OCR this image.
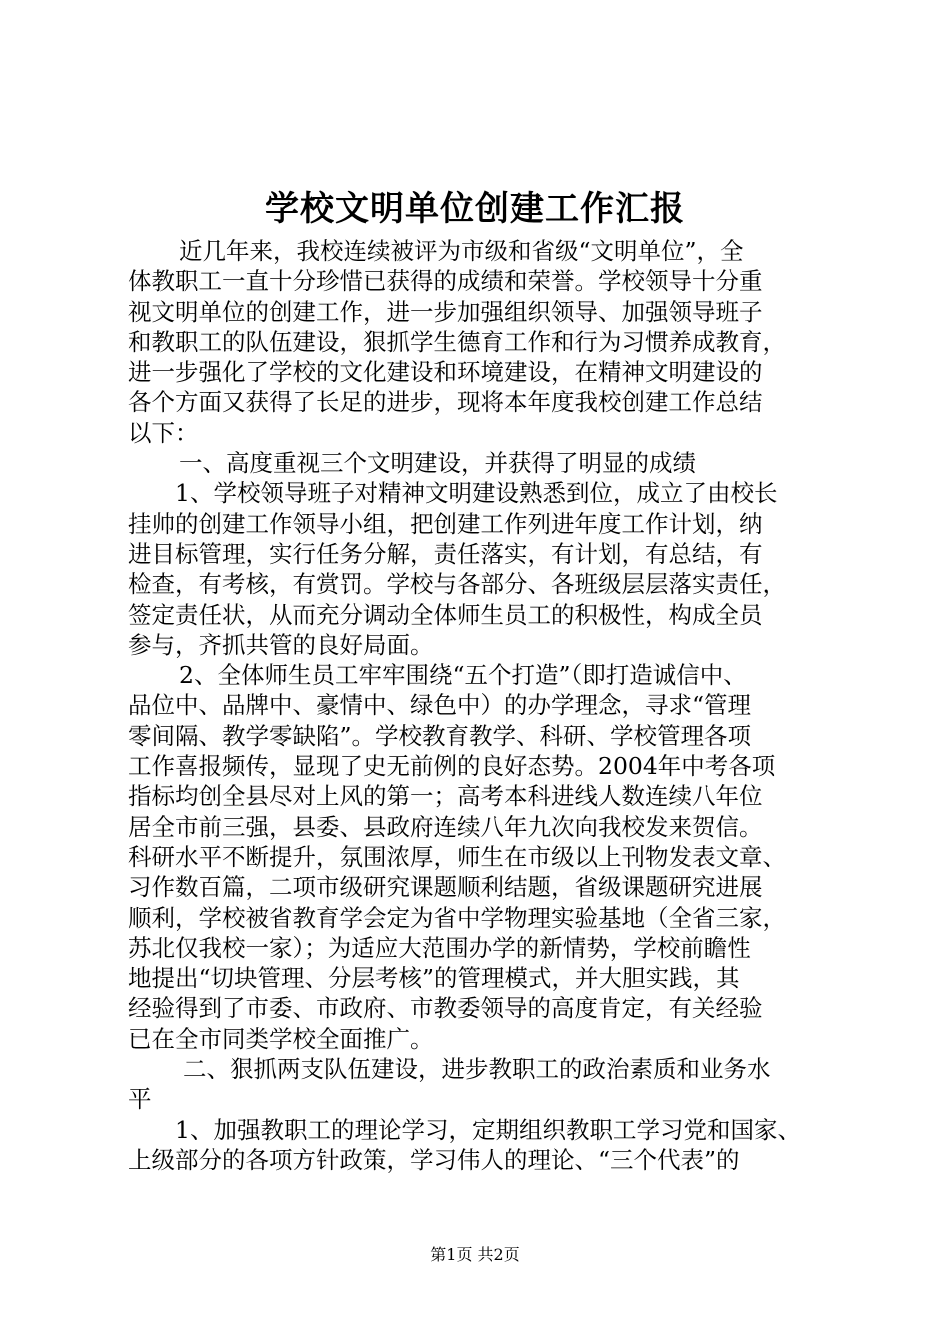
学校文明单位创建工作汇报
近几年来，我校连续被评为市级和省级“文明单位”，全
体教职工一直十分珍惜已获得的成绩和荣誉。学校领导十分重
视文明单位的创建工作，进一步加强组织领导、加强领导班子
和教职工的队伍建设，狠抓学生德育工作和行为习惯养成教育，
进一步强化了学校的文化建设和环境建设，在精神文明建设的
各个方面又获得了长足的进步，现将本年度我校创建工作总结
以下：
一、高度重视三个文明建设，并获得了明显的成绩
1、学校领导班子对精神文明建设熟悉到位，成立了由校长
挂帅的创建工作领导小组，把创建工作列进年度工作计划，纳
进目标管理，实行任务分解，责任落实，有计划，有总结，有
检查，有考核，有赏罚。学校与各部分、各班级层层落实责任，
签定责任状，从而充分调动全体师生员工的积极性，构成全员
参与，齐抓共管的良好局面。
2、全体师生员工牢牢围绕“五个打造”（即打造诚信中、
品位中、品牌中、豪情中、绿色中）的办学理念，寻求“管理
零间隔、教学零缺陷”。学校教育教学、科研、学校管理各项
工作喜报频传，显现了史无前例的良好态势。2004年中考各项
指标均创全县尽对上风的第一；高考本科进线人数连续八年位
居全市前三强，县委、县政府连续八年九次向我校发来贺信。
科研水平不断提升，氛围浓厚，师生在市级以上刊物发表文章、
习作数百篇，二项市级研究课题顺利结题，省级课题研究进展
顺利，学校被省教育学会定为省中学物理实验基地（全省三家，
苏北仅我校一家）；为适应大范围办学的新情势，学校前瞻性
地提出“切块管理、分层考核”的管理模式，并大胆实践，其
经验得到了市委、市政府、市教委领导的高度肯定，有关经验
已在全市同类学校全面推广。
二、狠抓两支队伍建设，进步教职工的政治素质和业务水
平
1、加强教职工的理论学习，定期组织教职工学习党和国家、
上级部分的各项方针政策，学习伟人的理论、“三个代表”的
第1页 共2页
